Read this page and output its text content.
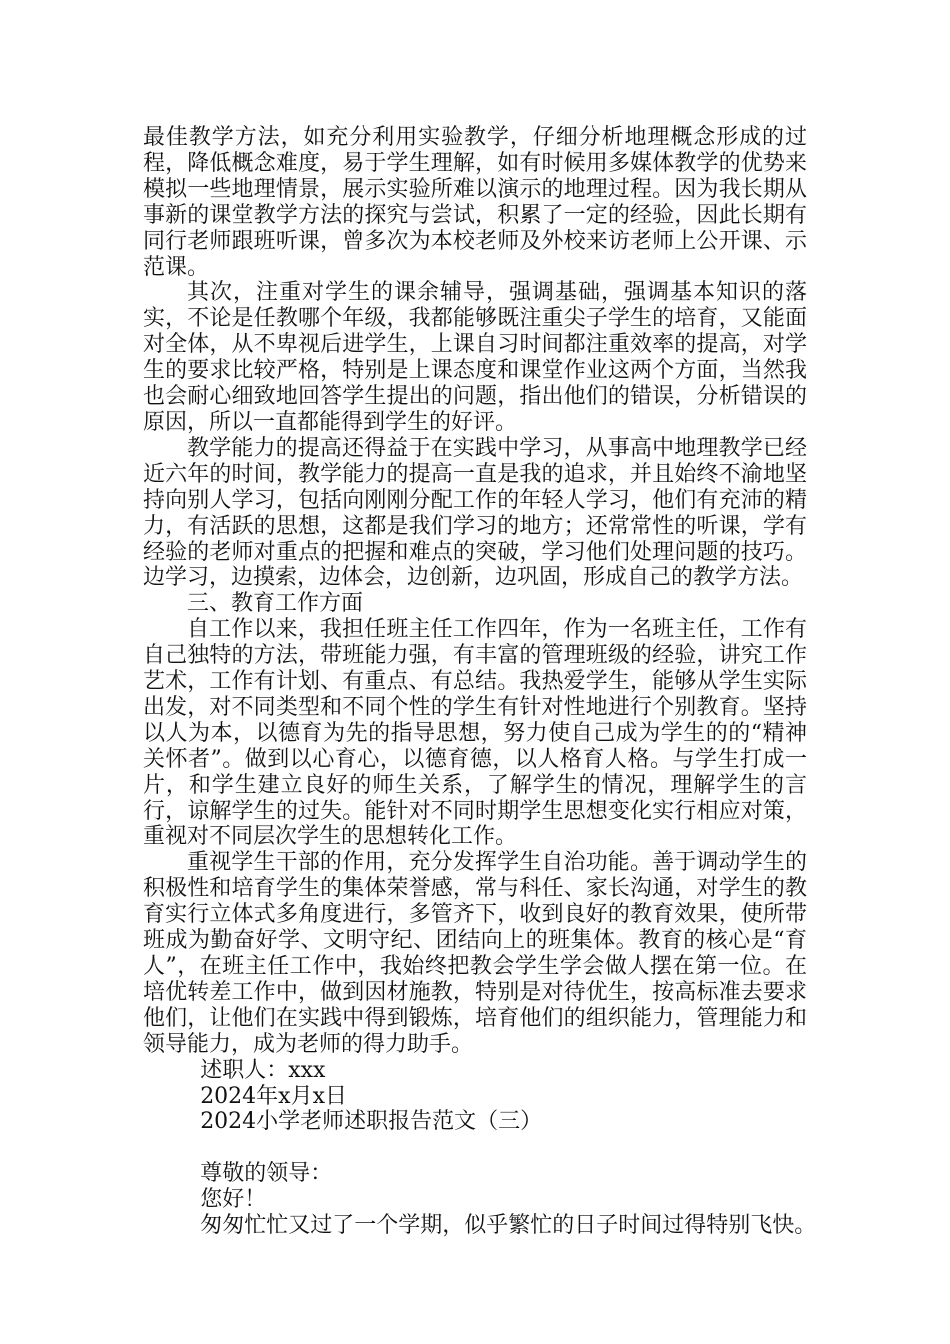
最佳教学方法，如充分利用实验教学，仔细分析地理概念形成的过程，降低概念难度，易于学生理解，如有时候用多媒体教学的优势来模拟一些地理情景，展示实验所难以演示的地理过程。因为我长期从事新的课堂教学方法的探究与尝试，积累了一定的经验，因此长期有同行老师跟班听课，曾多次为本校老师及外校来访老师上公开课、示范课。

其次，注重对学生的课余辅导，强调基础，强调基本知识的落实，不论是任教哪个年级，我都能够既注重尖子学生的培育，又能面对全体，从不卑视后进学生，上课自习时间都注重效率的提高，对学生的要求比较严格，特别是上课态度和课堂作业这两个方面，当然我也会耐心细致地回答学生提出的问题，指出他们的错误，分析错误的原因，所以一直都能得到学生的好评。

教学能力的提高还得益于在实践中学习，从事高中地理教学已经近六年的时间，教学能力的提高一直是我的追求，并且始终不渝地坚持向别人学习，包括向刚刚分配工作的年轻人学习，他们有充沛的精力，有活跃的思想，这都是我们学习的地方；还常常性的听课，学有经验的老师对重点的把握和难点的突破，学习他们处理问题的技巧。边学习，边摸索，边体会，边创新，边巩固，形成自己的教学方法。

三、教育工作方面

自工作以来，我担任班主任工作四年，作为一名班主任，工作有自己独特的方法，带班能力强，有丰富的管理班级的经验，讲究工作艺术，工作有计划、有重点、有总结。我热爱学生，能够从学生实际出发，对不同类型和不同个性的学生有针对性地进行个别教育。坚持以人为本，以德育为先的指导思想，努力使自己成为学生的的“精神关怀者”。做到以心育心，以德育德，以人格育人格。与学生打成一片，和学生建立良好的师生关系，了解学生的情况，理解学生的言行，谅解学生的过失。能针对不同时期学生思想变化实行相应对策，重视对不同层次学生的思想转化工作。

重视学生干部的作用，充分发挥学生自治功能。善于调动学生的积极性和培育学生的集体荣誉感，常与科任、家长沟通，对学生的教育实行立体式多角度进行，多管齐下，收到良好的教育效果，使所带班成为勤奋好学、文明守纪、团结向上的班集体。教育的核心是“育人”，在班主任工作中，我始终把教会学生学会做人摆在第一位。在培优转差工作中，做到因材施教，特别是对待优生，按高标准去要求他们，让他们在实践中得到锻炼，培育他们的组织能力，管理能力和领导能力，成为老师的得力助手。

述职人：xxx

2024年x月x日

2024小学老师述职报告范文（三）

尊敬的领导：

您好！

匆匆忙忙又过了一个学期，似乎繁忙的日子时间过得特别飞快。
